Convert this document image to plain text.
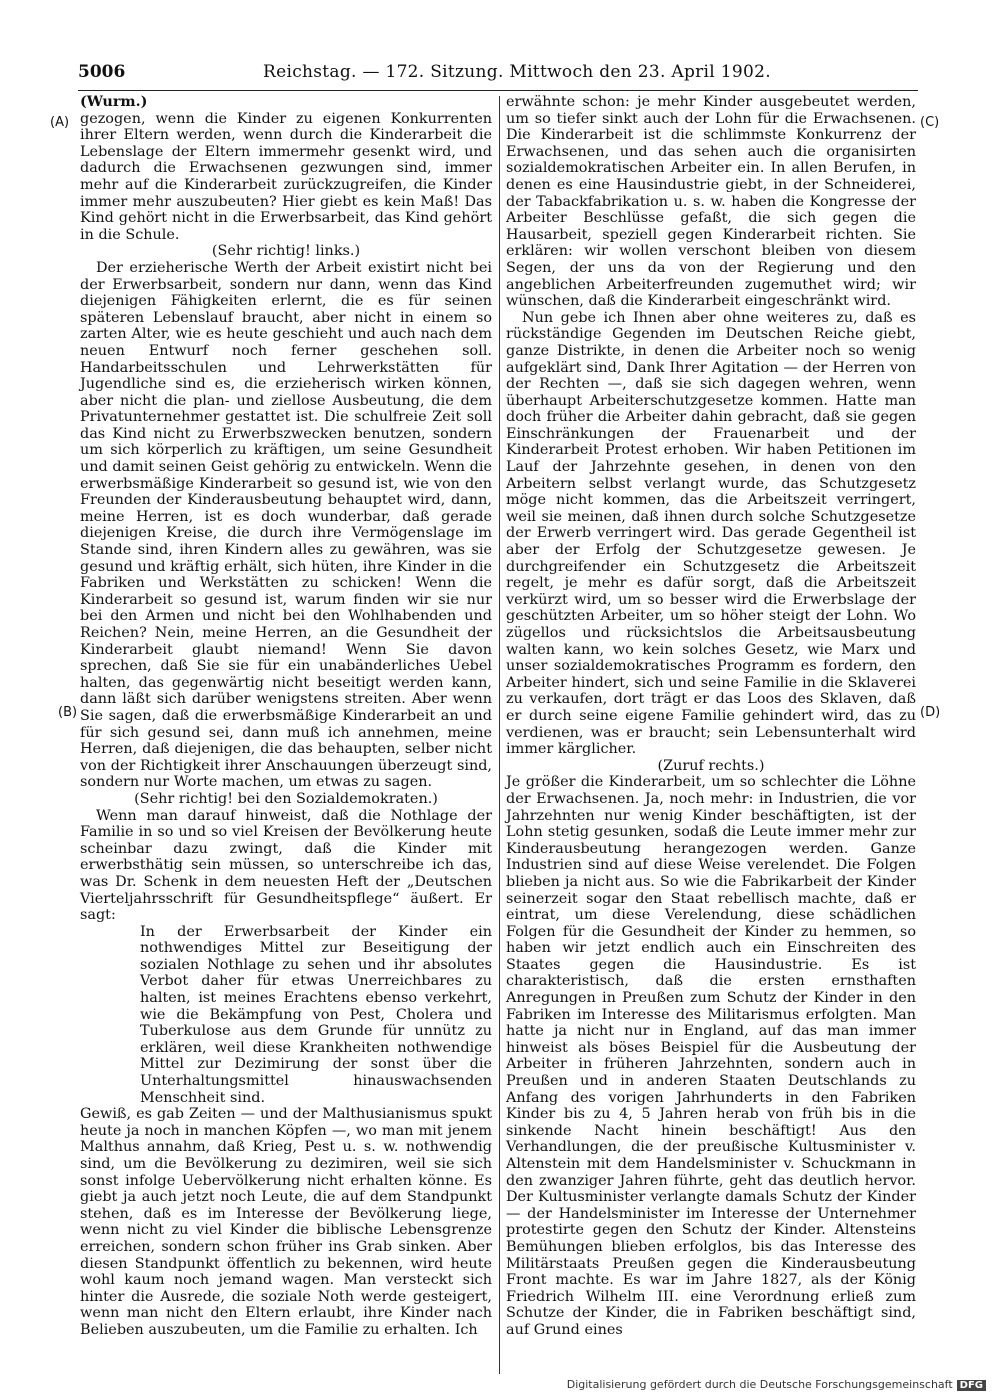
5006	Reichstag. — 172. Sitzung. Mittwoch den 23. April 1902.
(A)
(B)
(C)
(D)

(Wurm.)

gezogen, wenn die Kinder zu eigenen Konkurrenten ihrer Eltern werden, wenn durch die Kinderarbeit die Lebenslage der Eltern immermehr gesenkt wird, und dadurch die Erwachsenen gezwungen sind, immer mehr auf die Kinderarbeit zurückzugreifen, die Kinder immer mehr auszubeuten? Hier giebt es kein Maß! Das Kind gehört nicht in die Erwerbsarbeit, das Kind gehört in die Schule.

(Sehr richtig! links.)

Der erzieherische Werth der Arbeit existirt nicht bei der Erwerbsarbeit, sondern nur dann, wenn das Kind diejenigen Fähigkeiten erlernt, die es für seinen späteren Lebenslauf braucht, aber nicht in einem so zarten Alter, wie es heute geschieht und auch nach dem neuen Entwurf noch ferner geschehen soll. Handarbeitsschulen und Lehrwerkstätten für Jugendliche sind es, die erzieherisch wirken können, aber nicht die plan- und ziellose Ausbeutung, die dem Privatunternehmer gestattet ist. Die schulfreie Zeit soll das Kind nicht zu Erwerbszwecken benutzen, sondern um sich körperlich zu kräftigen, um seine Gesundheit und damit seinen Geist gehörig zu entwickeln. Wenn die erwerbsmäßige Kinderarbeit so gesund ist, wie von den Freunden der Kinderausbeutung behauptet wird, dann, meine Herren, ist es doch wunderbar, daß gerade diejenigen Kreise, die durch ihre Vermögenslage im Stande sind, ihren Kindern alles zu gewähren, was sie gesund und kräftig erhält, sich hüten, ihre Kinder in die Fabriken und Werkstätten zu schicken! Wenn die Kinderarbeit so gesund ist, warum finden wir sie nur bei den Armen und nicht bei den Wohlhabenden und Reichen? Nein, meine Herren, an die Gesundheit der Kinderarbeit glaubt niemand! Wenn Sie davon sprechen, daß Sie sie für ein unabänderliches Uebel halten, das gegenwärtig nicht beseitigt werden kann, dann läßt sich darüber wenigstens streiten. Aber wenn Sie sagen, daß die erwerbsmäßige Kinderarbeit an und für sich gesund sei, dann muß ich annehmen, meine Herren, daß diejenigen, die das behaupten, selber nicht von der Richtigkeit ihrer Anschauungen überzeugt sind, sondern nur Worte machen, um etwas zu sagen.

(Sehr richtig! bei den Sozialdemokraten.)

Wenn man darauf hinweist, daß die Nothlage der Familie in so und so viel Kreisen der Bevölkerung heute scheinbar dazu zwingt, daß die Kinder mit erwerbsthätig sein müssen, so unterschreibe ich das, was Dr. Schenk in dem neuesten Heft der „Deutschen Vierteljahrsschrift für Gesundheitspflege“ äußert. Er sagt:

In der Erwerbsarbeit der Kinder ein nothwendiges Mittel zur Beseitigung der sozialen Nothlage zu sehen und ihr absolutes Verbot daher für etwas Unerreichbares zu halten, ist meines Erachtens ebenso verkehrt, wie die Bekämpfung von Pest, Cholera und Tuberkulose aus dem Grunde für unnütz zu erklären, weil diese Krankheiten nothwendige Mittel zur Dezimirung der sonst über die Unterhaltungsmittel hinauswachsenden Menschheit sind.

Gewiß, es gab Zeiten — und der Malthusianismus spukt heute ja noch in manchen Köpfen —, wo man mit jenem Malthus annahm, daß Krieg, Pest u. s. w. nothwendig sind, um die Bevölkerung zu dezimiren, weil sie sich sonst infolge Uebervölkerung nicht erhalten könne. Es giebt ja auch jetzt noch Leute, die auf dem Standpunkt stehen, daß es im Interesse der Bevölkerung liege, wenn nicht zu viel Kinder die biblische Lebensgrenze erreichen, sondern schon früher ins Grab sinken. Aber diesen Standpunkt öffentlich zu bekennen, wird heute wohl kaum noch jemand wagen. Man versteckt sich hinter die Ausrede, die soziale Noth werde gesteigert, wenn man nicht den Eltern erlaubt, ihre Kinder nach Belieben auszubeuten, um die Familie zu erhalten. Ich

erwähnte schon: je mehr Kinder ausgebeutet werden, um so tiefer sinkt auch der Lohn für die Erwachsenen. Die Kinderarbeit ist die schlimmste Konkurrenz der Erwachsenen, und das sehen auch die organisirten sozialdemokratischen Arbeiter ein. In allen Berufen, in denen es eine Hausindustrie giebt, in der Schneiderei, der Tabackfabrikation u. s. w. haben die Kongresse der Arbeiter Beschlüsse gefaßt, die sich gegen die Hausarbeit, speziell gegen Kinderarbeit richten. Sie erklären: wir wollen verschont bleiben von diesem Segen, der uns da von der Regierung und den angeblichen Arbeiterfreunden zugemuthet wird; wir wünschen, daß die Kinderarbeit eingeschränkt wird.

Nun gebe ich Ihnen aber ohne weiteres zu, daß es rückständige Gegenden im Deutschen Reiche giebt, ganze Distrikte, in denen die Arbeiter noch so wenig aufgeklärt sind, Dank Ihrer Agitation — der Herren von der Rechten —, daß sie sich dagegen wehren, wenn überhaupt Arbeiterschutzgesetze kommen. Hatte man doch früher die Arbeiter dahin gebracht, daß sie gegen Einschränkungen der Frauenarbeit und der Kinderarbeit Protest erhoben. Wir haben Petitionen im Lauf der Jahrzehnte gesehen, in denen von den Arbeitern selbst verlangt wurde, das Schutzgesetz möge nicht kommen, das die Arbeitszeit verringert, weil sie meinen, daß ihnen durch solche Schutzgesetze der Erwerb verringert wird. Das gerade Gegentheil ist aber der Erfolg der Schutzgesetze gewesen. Je durchgreifender ein Schutzgesetz die Arbeitszeit regelt, je mehr es dafür sorgt, daß die Arbeitszeit verkürzt wird, um so besser wird die Erwerbslage der geschützten Arbeiter, um so höher steigt der Lohn. Wo zügellos und rücksichtslos die Arbeitsausbeutung walten kann, wo kein solches Gesetz, wie Marx und unser sozialdemokratisches Programm es fordern, den Arbeiter hindert, sich und seine Familie in die Sklaverei zu verkaufen, dort trägt er das Loos des Sklaven, daß er durch seine eigene Familie gehindert wird, das zu verdienen, was er braucht; sein Lebensunterhalt wird immer kärglicher.

(Zuruf rechts.)

Je größer die Kinderarbeit, um so schlechter die Löhne der Erwachsenen. Ja, noch mehr: in Industrien, die vor Jahrzehnten nur wenig Kinder beschäftigten, ist der Lohn stetig gesunken, sodaß die Leute immer mehr zur Kinderausbeutung herangezogen werden. Ganze Industrien sind auf diese Weise verelendet. Die Folgen blieben ja nicht aus. So wie die Fabrikarbeit der Kinder seinerzeit sogar den Staat rebellisch machte, daß er eintrat, um diese Verelendung, diese schädlichen Folgen für die Gesundheit der Kinder zu hemmen, so haben wir jetzt endlich auch ein Einschreiten des Staates gegen die Hausindustrie. Es ist charakteristisch, daß die ersten ernsthaften Anregungen in Preußen zum Schutz der Kinder in den Fabriken im Interesse des Militarismus erfolgten. Man hatte ja nicht nur in England, auf das man immer hinweist als böses Beispiel für die Ausbeutung der Arbeiter in früheren Jahrzehnten, sondern auch in Preußen und in anderen Staaten Deutschlands zu Anfang des vorigen Jahrhunderts in den Fabriken Kinder bis zu 4, 5 Jahren herab von früh bis in die sinkende Nacht hinein beschäftigt! Aus den Verhandlungen, die der preußische Kultusminister v. Altenstein mit dem Handelsminister v. Schuckmann in den zwanziger Jahren führte, geht das deutlich hervor. Der Kultusminister verlangte damals Schutz der Kinder — der Handelsminister im Interesse der Unternehmer protestirte gegen den Schutz der Kinder. Altensteins Bemühungen blieben erfolglos, bis das Interesse des Militärstaats Preußen gegen die Kinderausbeutung Front machte. Es war im Jahre 1827, als der König Friedrich Wilhelm III. eine Verordnung erließ zum Schutze der Kinder, die in Fabriken beschäftigt sind, auf Grund eines

Digitalisierung gefördert durch die Deutsche Forschungsgemeinschaft DFG
